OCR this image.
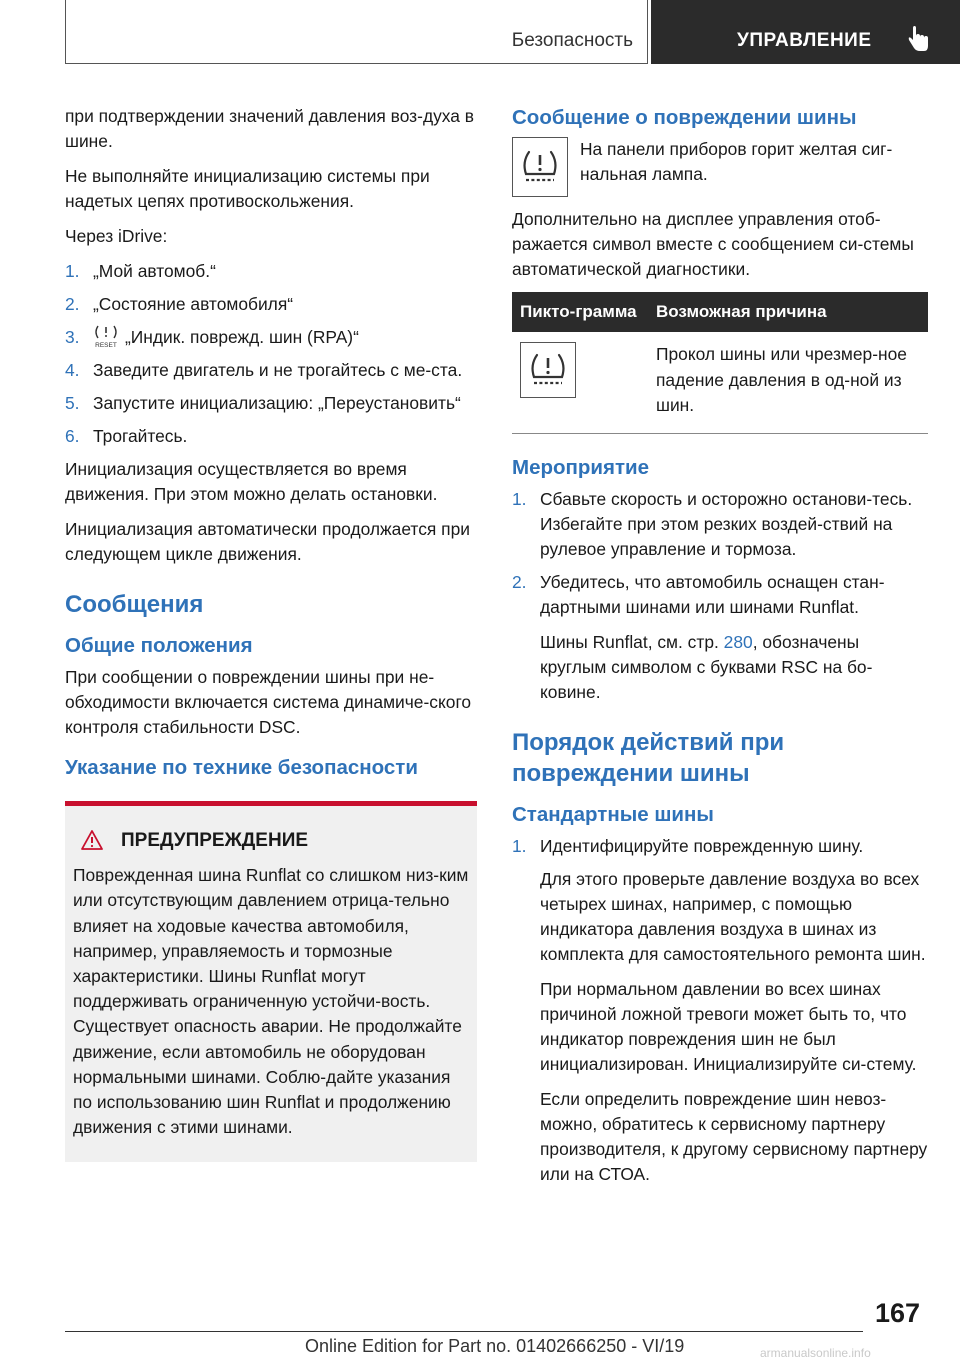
Безопасность	УПРАВЛЕНИЕ

при подтверждении значений давления воз-духа в шине.

Не выполняйте инициализацию системы при надетых цепях противоскольжения.

Через iDrive:

1. „Мой автомоб.“
2. „Состояние автомобиля“
3. RESET „Индик. поврежд. шин (RPA)“
4. Заведите двигатель и не трогайтесь с ме-ста.
5. Запустите инициализацию: „Переустановить“
6. Трогайтесь.

Инициализация осуществляется во время движения. При этом можно делать остановки.

Инициализация автоматически продолжается при следующем цикле движения.

Сообщения
Общие положения

При сообщении о повреждении шины при не-обходимости включается система динамиче-ского контроля стабильности DSC.

Указание по технике безопасности
ПРЕДУПРЕЖДЕНИЕ
Поврежденная шина Runflat со слишком низ-ким или отсутствующим давлением отрица-тельно влияет на ходовые качества автомобиля, например, управляемость и тормозные характеристики. Шины Runflat могут поддерживать ограниченную устойчи-вость. Существует опасность аварии. Не продолжайте движение, если автомобиль не оборудован нормальными шинами. Соблю-дайте указания по использованию шин Runflat и продолжению движения с этими шинами.
Сообщение о повреждении шины
На панели приборов горит желтая сиг-нальная лампа.

Дополнительно на дисплее управления отоб-ражается символ вместе с сообщением си-стемы автоматической диагностики.

Пикто-грамма	Возможная причина

	Прокол шины или чрезмер-ное падение давления в од-ной из шин.
Мероприятие
1. Сбавьте скорость и осторожно останови-тесь. Избегайте при этом резких воздей-ствий на рулевое управление и тормоза.
2. Убедитесь, что автомобиль оснащен стан-дартными шинами или шинами Runflat.
Шины Runflat, см. стр. 280, обозначены круглым символом с буквами RSC на бо-ковине.
Порядок действий при повреждении шины
Стандартные шины
1. Идентифицируйте поврежденную шину.
Для этого проверьте давление воздуха во всех четырех шинах, например, с помощью индикатора давления воздуха в шинах из комплекта для самостоятельного ремонта шин.
При нормальном давлении во всех шинах причиной ложной тревоги может быть то, что индикатор повреждения шин не был инициализирован. Инициализируйте си-стему.
Если определить повреждение шин невоз-можно, обратитесь к сервисному партнеру производителя, к другому сервисному партнеру или на СТОА.
167
Online Edition for Part no. 01402666250 - VI/19	armanualsonline.info
